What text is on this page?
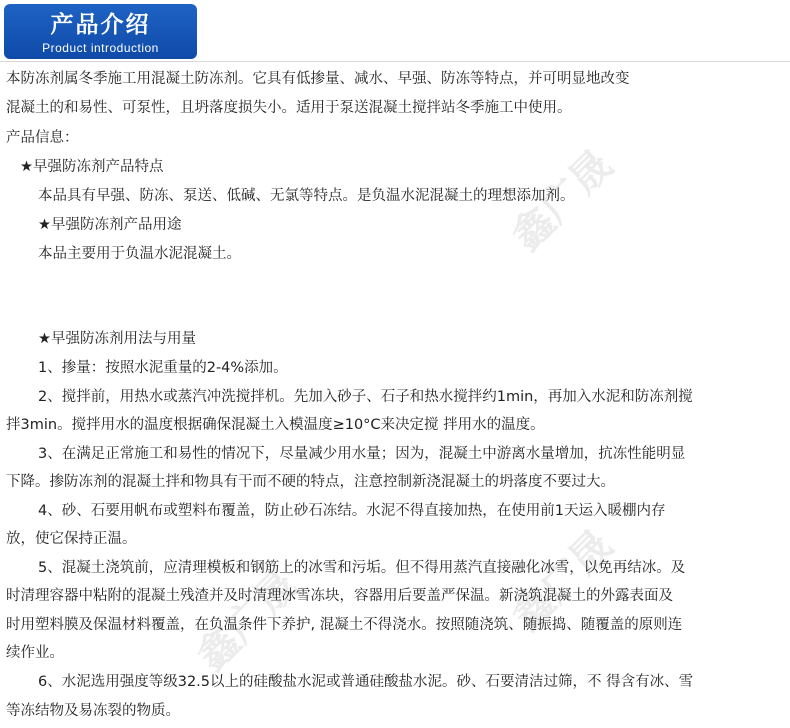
产品介绍
Product introduction
鑫广晟
鑫广晟	鑫广晟
本防冻剂属冬季施工用混凝土防冻剂。它具有低掺量、减水、早强、防冻等特点，并可明显地改变
混凝土的和易性、可泵性，且坍落度损失小。适用于泵送混凝土搅拌站冬季施工中使用。
产品信息：
★早强防冻剂产品特点
本品具有早强、防冻、泵送、低碱、无氯等特点。是负温水泥混凝土的理想添加剂。
★早强防冻剂产品用途
本品主要用于负温水泥混凝土。
★早强防冻剂用法与用量
1、掺量：按照水泥重量的2-4%添加。
2、搅拌前，用热水或蒸汽冲洗搅拌机。先加入砂子、石子和热水搅拌约1min，再加入水泥和防冻剂搅
拌3min。搅拌用水的温度根据确保混凝土入模温度≥10°C来决定搅 拌用水的温度。
3、在满足正常施工和易性的情况下，尽量减少用水量；因为，混凝土中游离水量增加，抗冻性能明显
下降。掺防冻剂的混凝土拌和物具有干而不硬的特点，注意控制新浇混凝土的坍落度不要过大。
4、砂、石要用帆布或塑料布覆盖，防止砂石冻结。水泥不得直接加热，在使用前1天运入暖棚内存
放，使它保持正温。
5、混凝土浇筑前，应清理模板和钢筋上的冰雪和污垢。但不得用蒸汽直接融化冰雪，以免再结冰。及
时清理容器中粘附的混凝土残渣并及时清理冰雪冻块，容器用后要盖严保温。新浇筑混凝土的外露表面及
时用塑料膜及保温材料覆盖，在负温条件下养护, 混凝土不得浇水。按照随浇筑、随振捣、随覆盖的原则连
续作业。
6、水泥选用强度等级32.5以上的硅酸盐水泥或普通硅酸盐水泥。砂、石要清洁过筛，不 得含有冰、雪
等冻结物及易冻裂的物质。
